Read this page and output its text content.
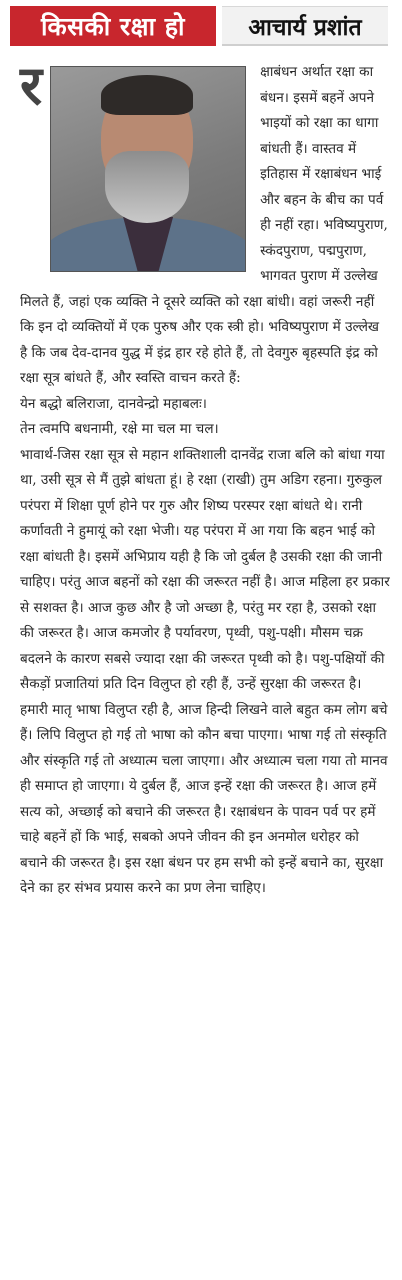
किसकी रक्षा हो	आचार्य प्रशांत
र	क्षाबंधन अर्थात रक्षा का बंधन। इसमें बहनें अपने भाइयों को रक्षा का धागा बांधती हैं। वास्तव में इतिहास में रक्षाबंधन भाई और बहन के बीच का पर्व ही नहीं रहा। भविष्यपुराण, स्कंदपुराण, पद्मपुराण, भागवत पुराण में उल्लेख मिलते हैं, जहां एक व्यक्ति ने दूसरे व्यक्ति को रक्षा बांधी। वहां जरूरी नहीं कि इन दो व्यक्तियों में एक पुरुष और एक स्त्री हो। भविष्यपुराण में उल्लेख है कि जब देव-दानव युद्ध में इंद्र हार रहे होते हैं, तो देवगुरु बृहस्पति इंद्र को रक्षा सूत्र बांधते हैं, और स्वस्ति वाचन करते हैं:

येन बद्धो बलिराजा, दानवेन्द्रो महाबलः।

तेन त्वमपि बधनामी, रक्षे मा चल मा चल।

भावार्थ-जिस रक्षा सूत्र से महान शक्तिशाली दानवेंद्र राजा बलि को बांधा गया था, उसी सूत्र से मैं तुझे बांधता हूं। हे रक्षा (राखी) तुम अडिग रहना। गुरुकुल परंपरा में शिक्षा पूर्ण होने पर गुरु और शिष्य परस्पर रक्षा बांधते थे। रानी कर्णावती ने हुमायूं को रक्षा भेजी। यह परंपरा में आ गया कि बहन भाई को रक्षा बांधती है। इसमें अभिप्राय यही है कि जो दुर्बल है उसकी रक्षा की जानी चाहिए। परंतु आज बहनों को रक्षा की जरूरत नहीं है। आज महिला हर प्रकार से सशक्त है। आज कुछ और है जो अच्छा है, परंतु मर रहा है, उसको रक्षा की जरूरत है। आज कमजोर है पर्यावरण, पृथ्वी, पशु-पक्षी। मौसम चक्र बदलने के कारण सबसे ज्यादा रक्षा की जरूरत पृथ्वी को है। पशु-पक्षियों की सैकड़ों प्रजातियां प्रति दिन विलुप्त हो रही हैं, उन्हें सुरक्षा की जरूरत है। हमारी मातृ भाषा विलुप्त रही है, आज हिन्दी लिखने वाले बहुत कम लोग बचे हैं। लिपि विलुप्त हो गई तो भाषा को कौन बचा पाएगा। भाषा गई तो संस्कृति और संस्कृति गई तो अध्यात्म चला जाएगा। और अध्यात्म चला गया तो मानव ही समाप्त हो जाएगा। ये दुर्बल हैं, आज इन्हें रक्षा की जरूरत है। आज हमें सत्य को, अच्छाई को बचाने की जरूरत है। रक्षाबंधन के पावन पर्व पर हमें चाहे बहनें हों कि भाई, सबको अपने जीवन की इन अनमोल धरोहर को बचाने की जरूरत है। इस रक्षा बंधन पर हम सभी को इन्हें बचाने का, सुरक्षा देने का हर संभव प्रयास करने का प्रण लेना चाहिए।
